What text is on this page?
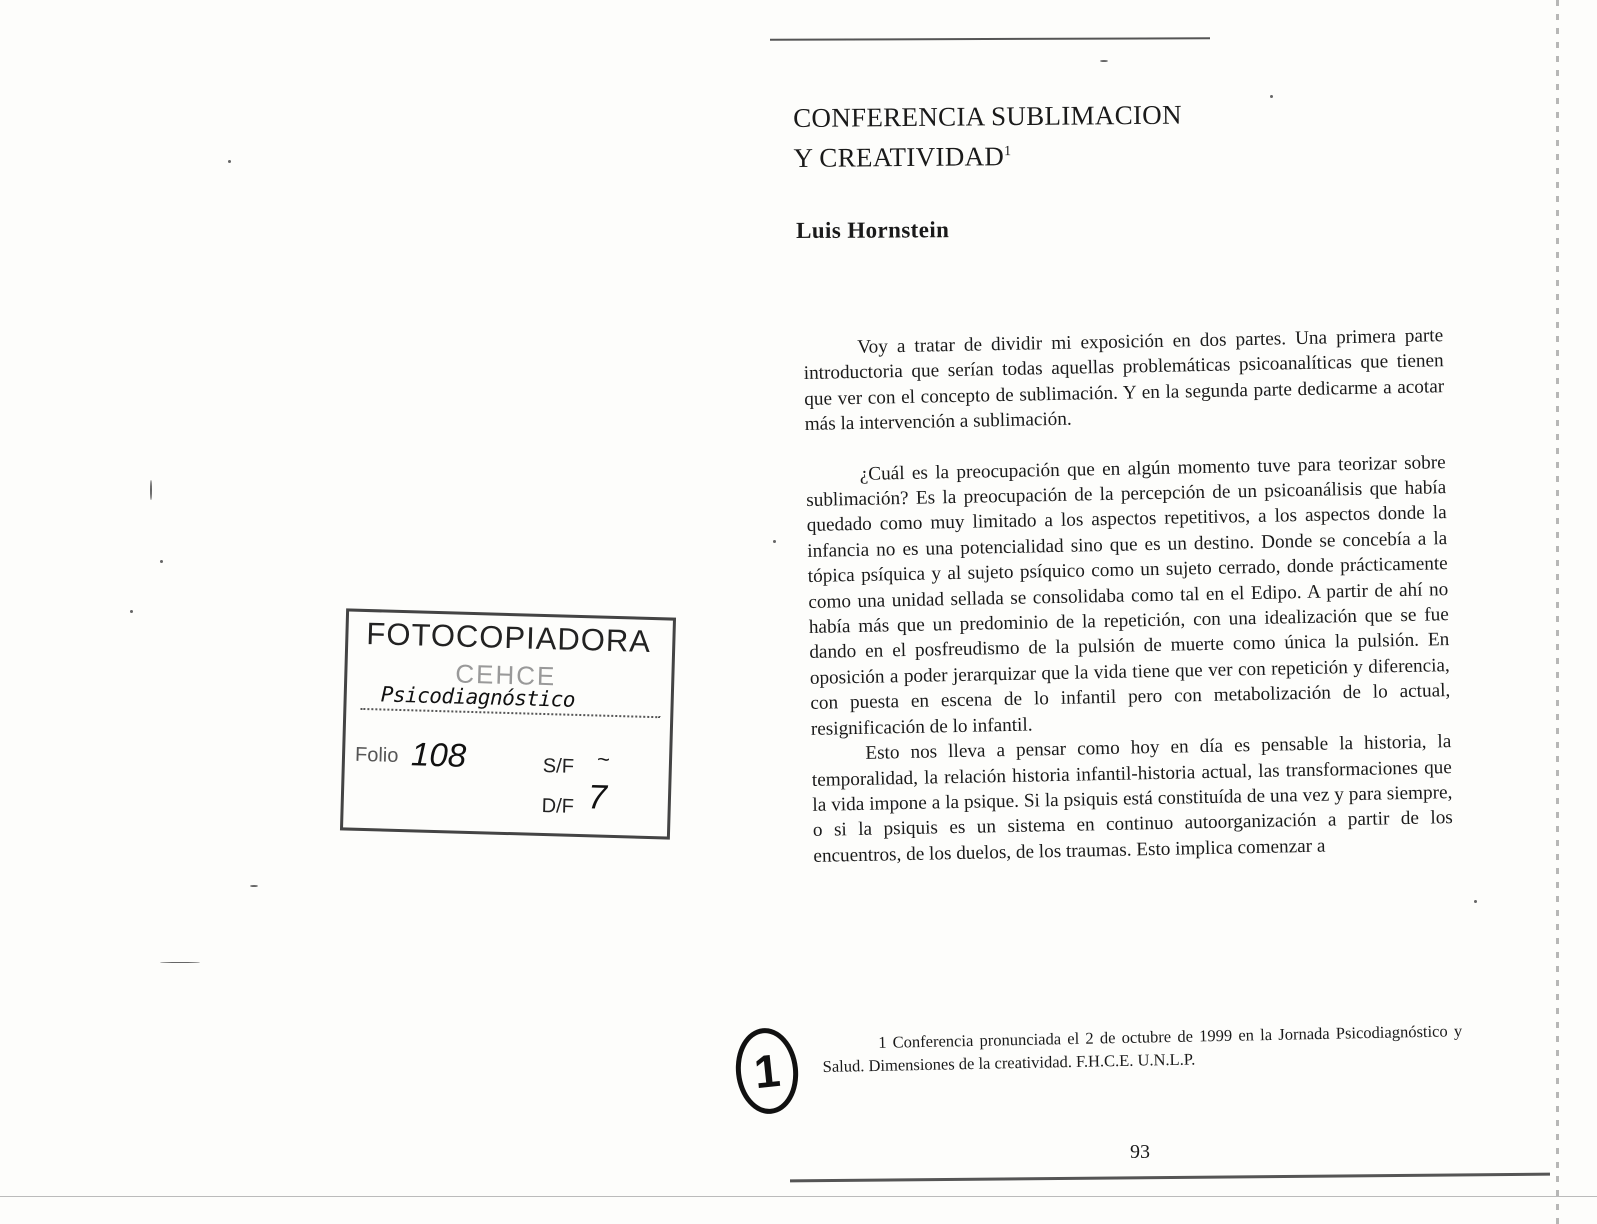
CONFERENCIA SUBLIMACION
Y CREATIVIDAD$^1$
Luis Hornstein

Voy a tratar de dividir mi exposición en dos partes. Una primera parte introductoria que serían todas aquellas problemáticas psicoanalíticas que tienen que ver con el concepto de sublimación. Y en la segunda parte dedicarme a acotar más la intervención a sublimación.

¿Cuál es la preocupación que en algún momento tuve para teorizar sobre sublimación? Es la preocupación de la percepción de un psicoanálisis que había quedado como muy limitado a los aspectos repetitivos, a los aspectos donde la infancia no es una potencialidad sino que es un destino. Donde se concebía a la tópica psíquica y al sujeto psíquico como un sujeto cerrado, donde prácticamente como una unidad sellada se consolidaba como tal en el Edipo. A partir de ahí no había más que un predominio de la repetición, con una idealización que se fue dando en el posfreudismo de la pulsión de muerte como única la pulsión. En oposición a poder jerarquizar que la vida tiene que ver con repetición y diferencia, con puesta en escena de lo infantil pero con metabolización de lo actual, resignificación de lo infantil.

Esto nos lleva a pensar como hoy en día es pensable la historia, la temporalidad, la relación historia infantil-historia actual, las transformaciones que la vida impone a la psique. Si la psiquis está constituída de una vez y para siempre, o si la psiquis es un sistema en continuo autoorganización a partir de los encuentros, de los duelos, de los traumas. Esto implica comenzar a

1 Conferencia pronunciada el 2 de octubre de 1999 en la Jornada Psicodiagnóstico y Salud. Dimensiones de la creatividad. F.H.C.E. U.N.L.P.

93
FOTOCOPIADORA
CEHCE
Psicodiagnóstico
Folio 108	S/F ~
D/F 7
1
